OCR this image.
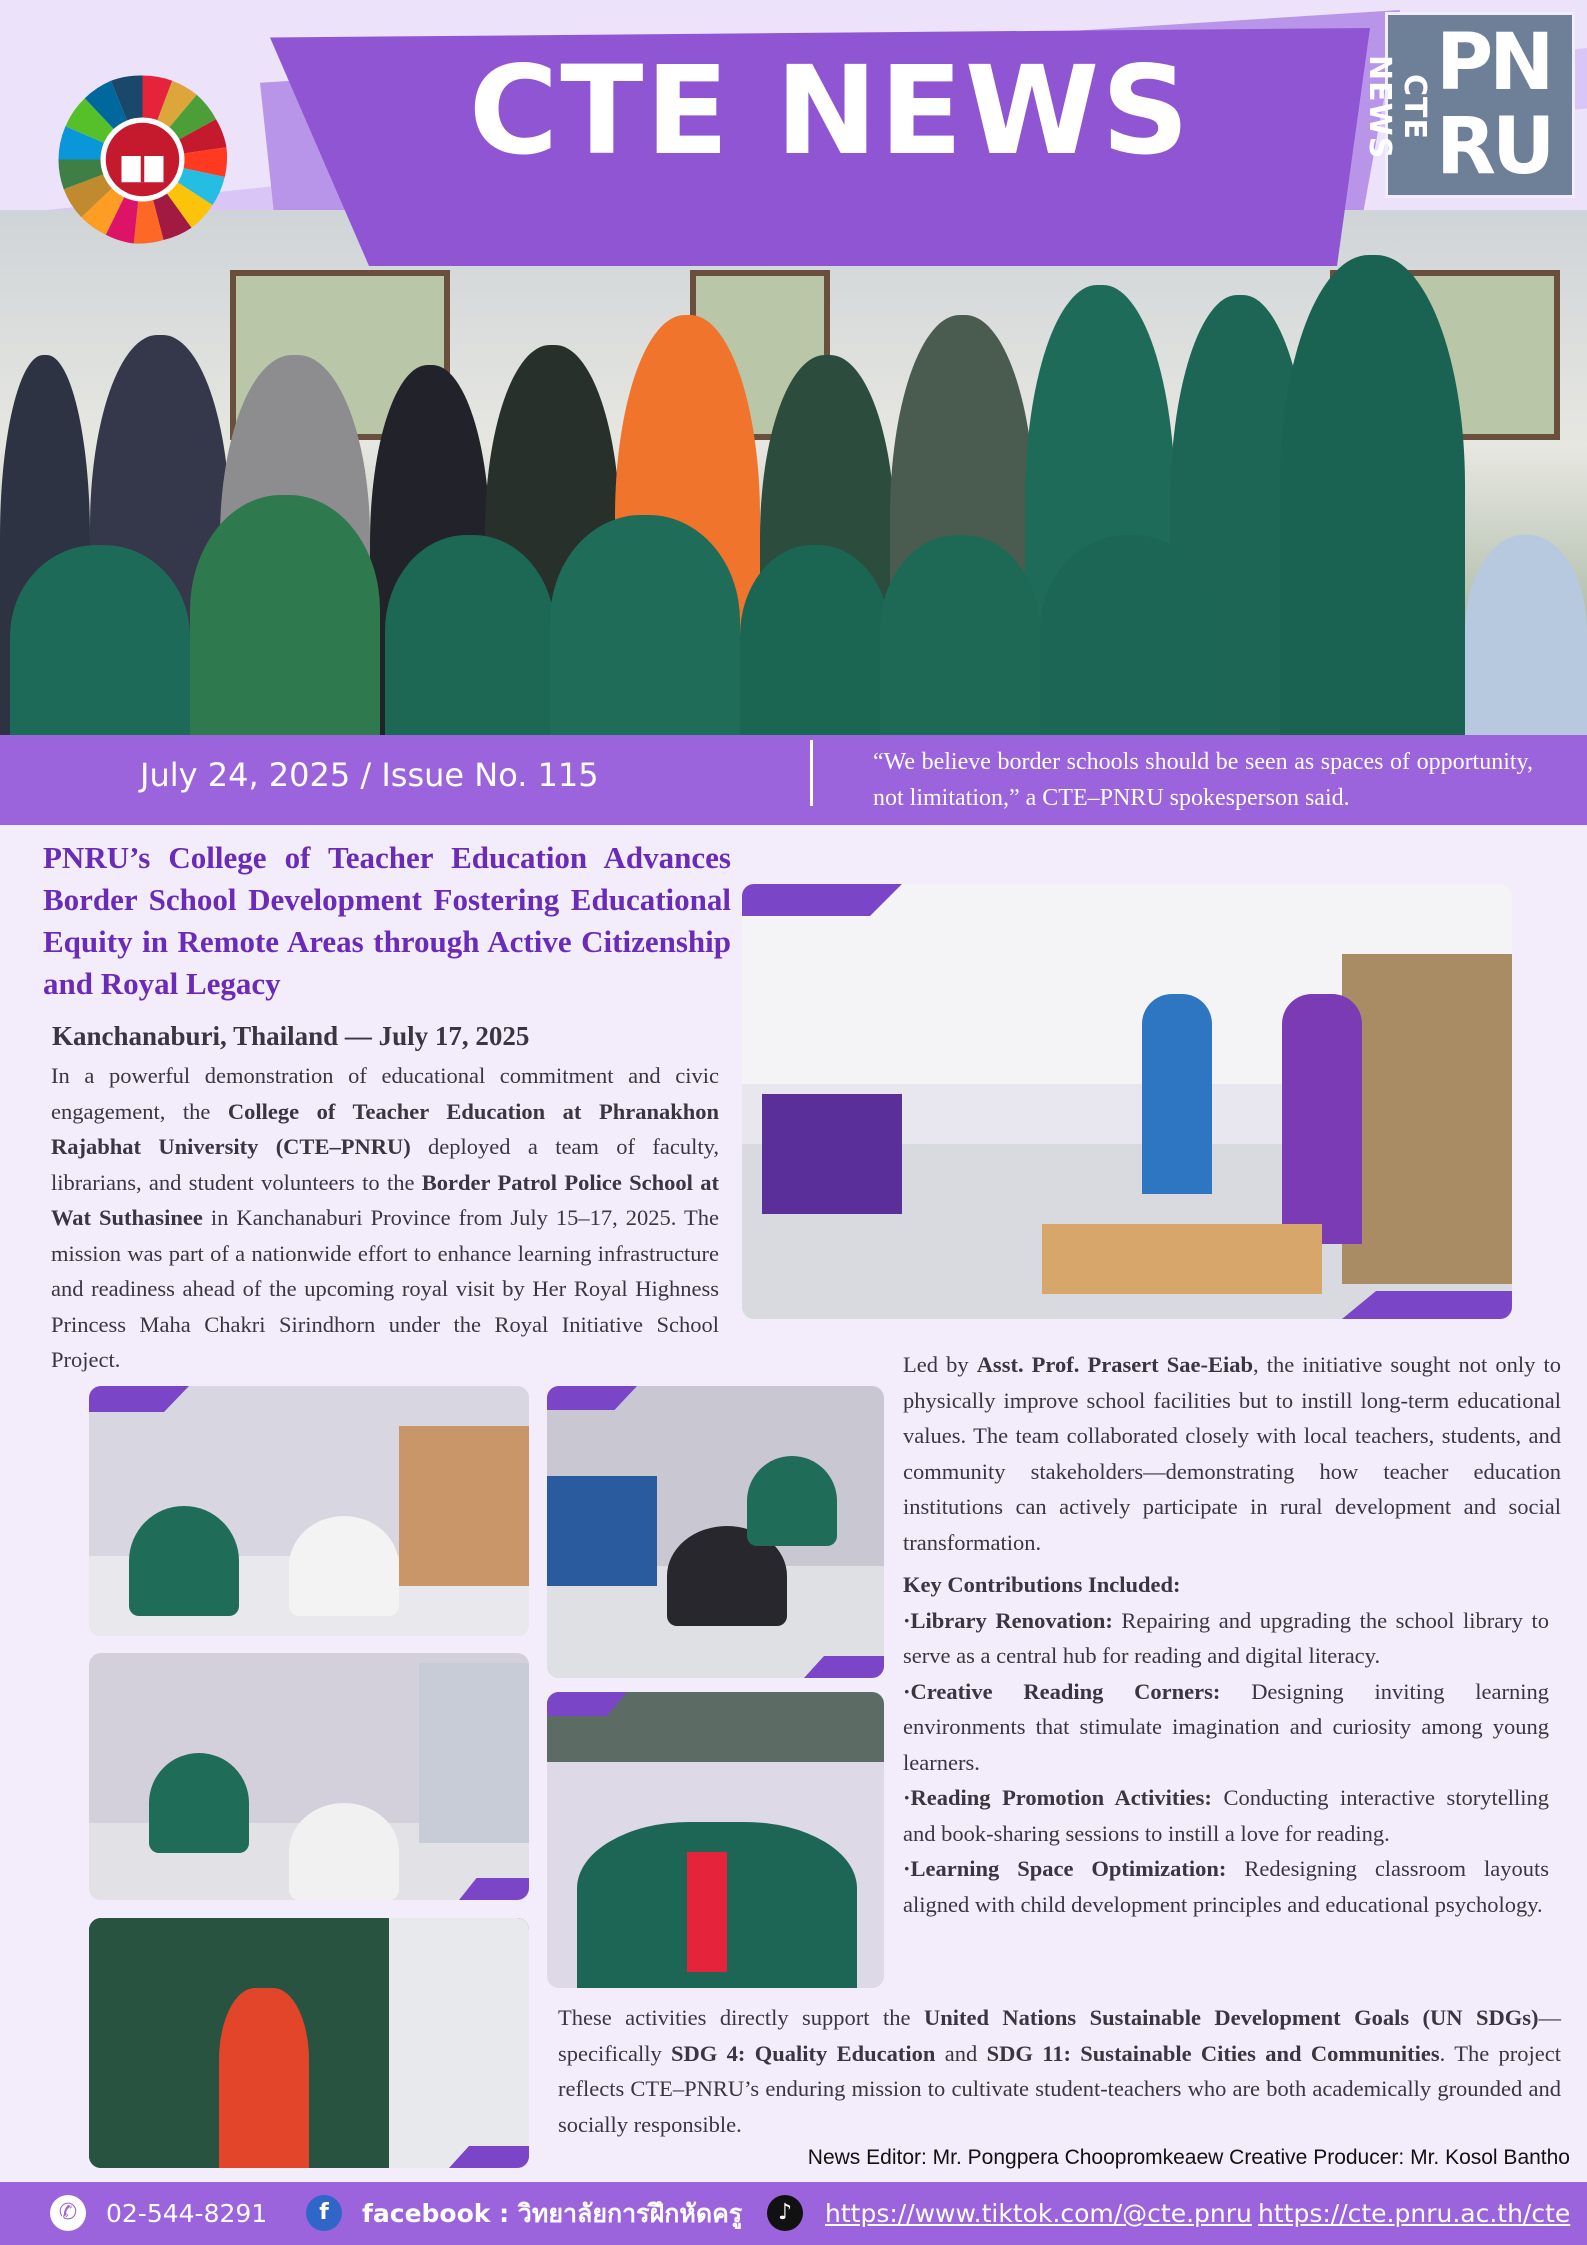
CTE NEWS	CTE NEWS PN
RU
July 24, 2025 / Issue No. 115	“We believe border schools should be seen as spaces of opportunity, not limitation,” a CTE–PNRU spokesperson said.
PNRU’s College of Teacher Education Advances Border School Development Fostering Educational Equity in Remote Areas through Active Citizenship and Royal Legacy
Kanchanaburi, Thailand — July 17, 2025
In a powerful demonstration of educational commitment and civic engagement, the College of Teacher Education at Phranakhon Rajabhat University (CTE–PNRU) deployed a team of faculty, librarians, and student volunteers to the Border Patrol Police School at Wat Suthasinee in Kanchanaburi Province from July 15–17, 2025. The mission was part of a nationwide effort to enhance learning infrastructure and readiness ahead of the upcoming royal visit by Her Royal Highness Princess Maha Chakri Sirindhorn under the Royal Initiative School Project.	Led by Asst. Prof. Prasert Sae-Eiab, the initiative sought not only to physically improve school facilities but to instill long-term educational values. The team collaborated closely with local teachers, students, and community stakeholders—demonstrating how teacher education institutions can actively participate in rural development and social transformation.
Key Contributions Included:
·Library Renovation: Repairing and upgrading the school library to serve as a central hub for reading and digital literacy.
·Creative Reading Corners: Designing inviting learning environments that stimulate imagination and curiosity among young learners.
·Reading Promotion Activities: Conducting interactive storytelling and book-sharing sessions to instill a love for reading.
·Learning Space Optimization: Redesigning classroom layouts aligned with child development principles and educational psychology.
These activities directly support the United Nations Sustainable Development Goals (UN SDGs)—specifically SDG 4: Quality Education and SDG 11: Sustainable Cities and Communities. The project reflects CTE–PNRU’s enduring mission to cultivate student-teachers who are both academically grounded and socially responsible.
News Editor: Mr. Pongpera Choopromkeaew Creative Producer: Mr. Kosol Bantho
✆	02-544-8291	f	facebook : วิทยาลัยการฝึกหัดครู	♪	https://www.tiktok.com/@cte.pnru https://cte.pnru.ac.th/cte
